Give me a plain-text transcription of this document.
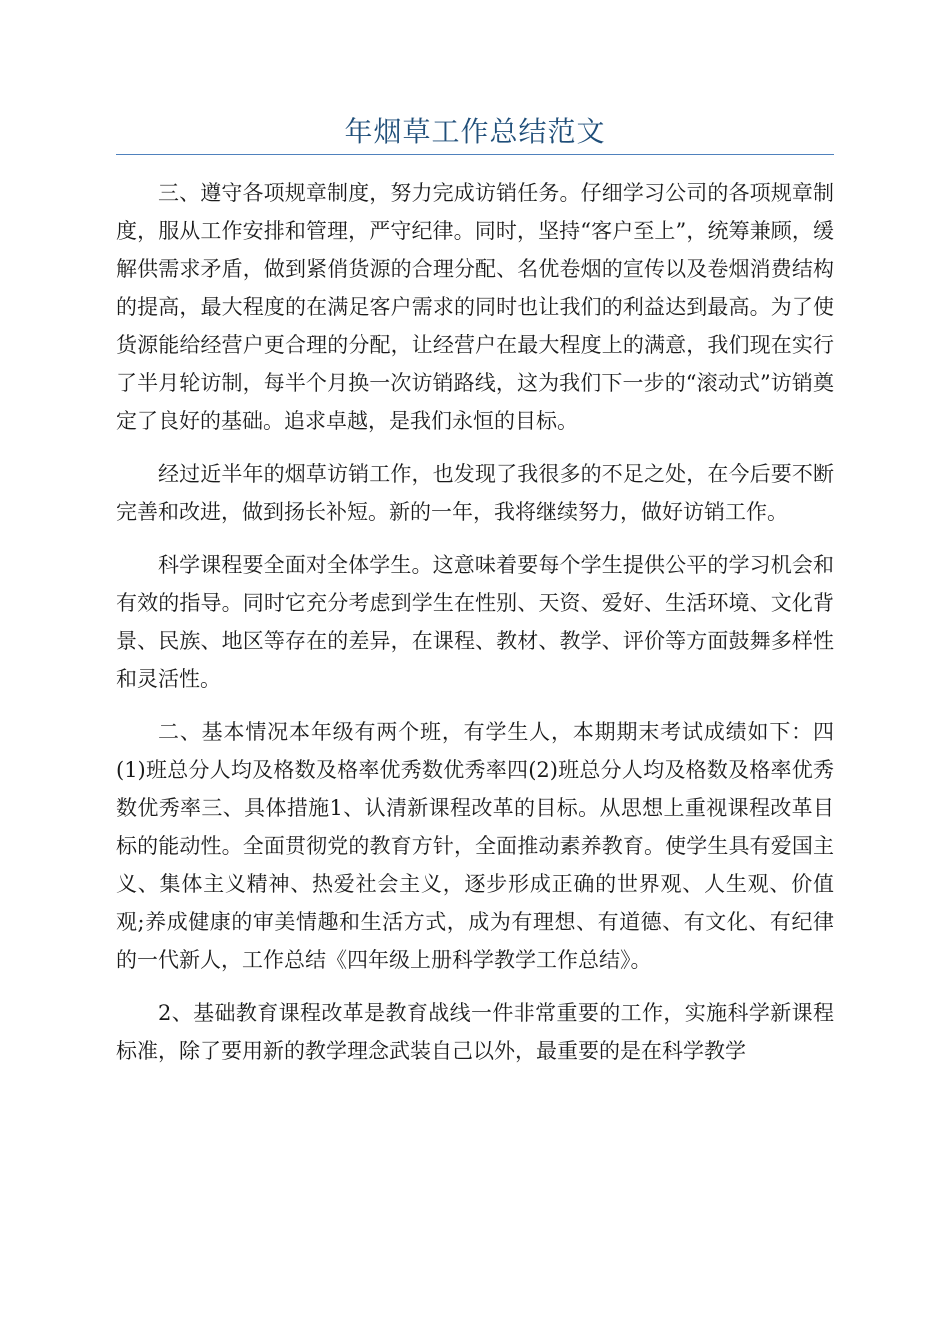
年烟草工作总结范文

三、遵守各项规章制度，努力完成访销任务。仔细学习公司的各项规章制度，服从工作安排和管理，严守纪律。同时，坚持“客户至上”，统筹兼顾，缓解供需求矛盾，做到紧俏货源的合理分配、名优卷烟的宣传以及卷烟消费结构的提高，最大程度的在满足客户需求的同时也让我们的利益达到最高。为了使货源能给经营户更合理的分配，让经营户在最大程度上的满意，我们现在实行了半月轮访制，每半个月换一次访销路线，这为我们下一步的“滚动式”访销奠定了良好的基础。追求卓越，是我们永恒的目标。

经过近半年的烟草访销工作，也发现了我很多的不足之处，在今后要不断完善和改进，做到扬长补短。新的一年，我将继续努力，做好访销工作。

科学课程要全面对全体学生。这意味着要每个学生提供公平的学习机会和有效的指导。同时它充分考虑到学生在性别、天资、爱好、生活环境、文化背景、民族、地区等存在的差异，在课程、教材、教学、评价等方面鼓舞多样性和灵活性。

二、基本情况本年级有两个班，有学生人，本期期末考试成绩如下：四(1)班总分人均及格数及格率优秀数优秀率四(2)班总分人均及格数及格率优秀数优秀率三、具体措施1、认清新课程改革的目标。从思想上重视课程改革目标的能动性。全面贯彻党的教育方针，全面推动素养教育。使学生具有爱国主义、集体主义精神、热爱社会主义，逐步形成正确的世界观、人生观、价值观;养成健康的审美情趣和生活方式，成为有理想、有道德、有文化、有纪律的一代新人，工作总结《四年级上册科学教学工作总结》。

2、基础教育课程改革是教育战线一件非常重要的工作，实施科学新课程标准，除了要用新的教学理念武装自己以外，最重要的是在科学教学
